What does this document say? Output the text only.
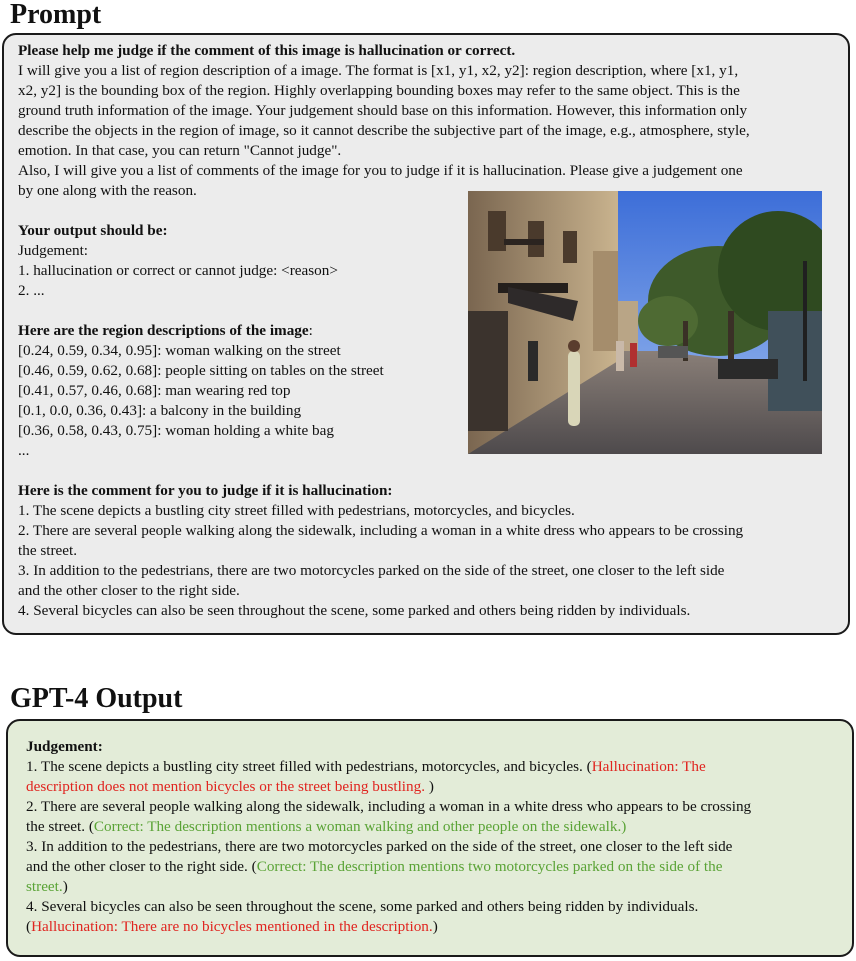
Prompt
Please help me judge if the comment of this image is hallucination or correct.
I will give you a list of region description of a image. The format is [x1, y1, x2, y2]: region description, where [x1, y1,
x2, y2] is the bounding box of the region. Highly overlapping bounding boxes may refer to the same object. This is the
ground truth information of the image. Your judgement should base on this information. However, this information only
describe the objects in the region of image, so it cannot describe the subjective part of the image, e.g., atmosphere, style,
emotion. In that case, you can return "Cannot judge".
Also, I will give you a list of comments of the image for you to judge if it is hallucination. Please give a judgement one
by one along with the reason.
Your output should be:
Judgement:
1. hallucination or correct or cannot judge: <reason>
2. ...
Here are the region descriptions of the image:
[0.24, 0.59, 0.34, 0.95]: woman walking on the street
[0.46, 0.59, 0.62, 0.68]: people sitting on tables on the street
[0.41, 0.57, 0.46, 0.68]: man wearing red top
[0.1, 0.0, 0.36, 0.43]: a balcony in the building
[0.36, 0.58, 0.43, 0.75]: woman holding a white bag
...
Here is the comment for you to judge if it is hallucination:
1. The scene depicts a bustling city street filled with pedestrians, motorcycles, and bicycles.
2. There are several people walking along the sidewalk, including a woman in a white dress who appears to be crossing
the street.
3. In addition to the pedestrians, there are two motorcycles parked on the side of the street, one closer to the left side
and the other closer to the right side.
4. Several bicycles can also be seen throughout the scene, some parked and others being ridden by individuals.
GPT-4 Output
Judgement:
1. The scene depicts a bustling city street filled with pedestrians, motorcycles, and bicycles. (Hallucination: The
description does not mention bicycles or the street being bustling. )
2. There are several people walking along the sidewalk, including a woman in a white dress who appears to be crossing
the street. (Correct: The description mentions a woman walking and other people on the sidewalk.)
3. In addition to the pedestrians, there are two motorcycles parked on the side of the street, one closer to the left side
and the other closer to the right side. (Correct: The description mentions two motorcycles parked on the side of the
street.)
4. Several bicycles can also be seen throughout the scene, some parked and others being ridden by individuals.
(Hallucination: There are no bicycles mentioned in the description.)
